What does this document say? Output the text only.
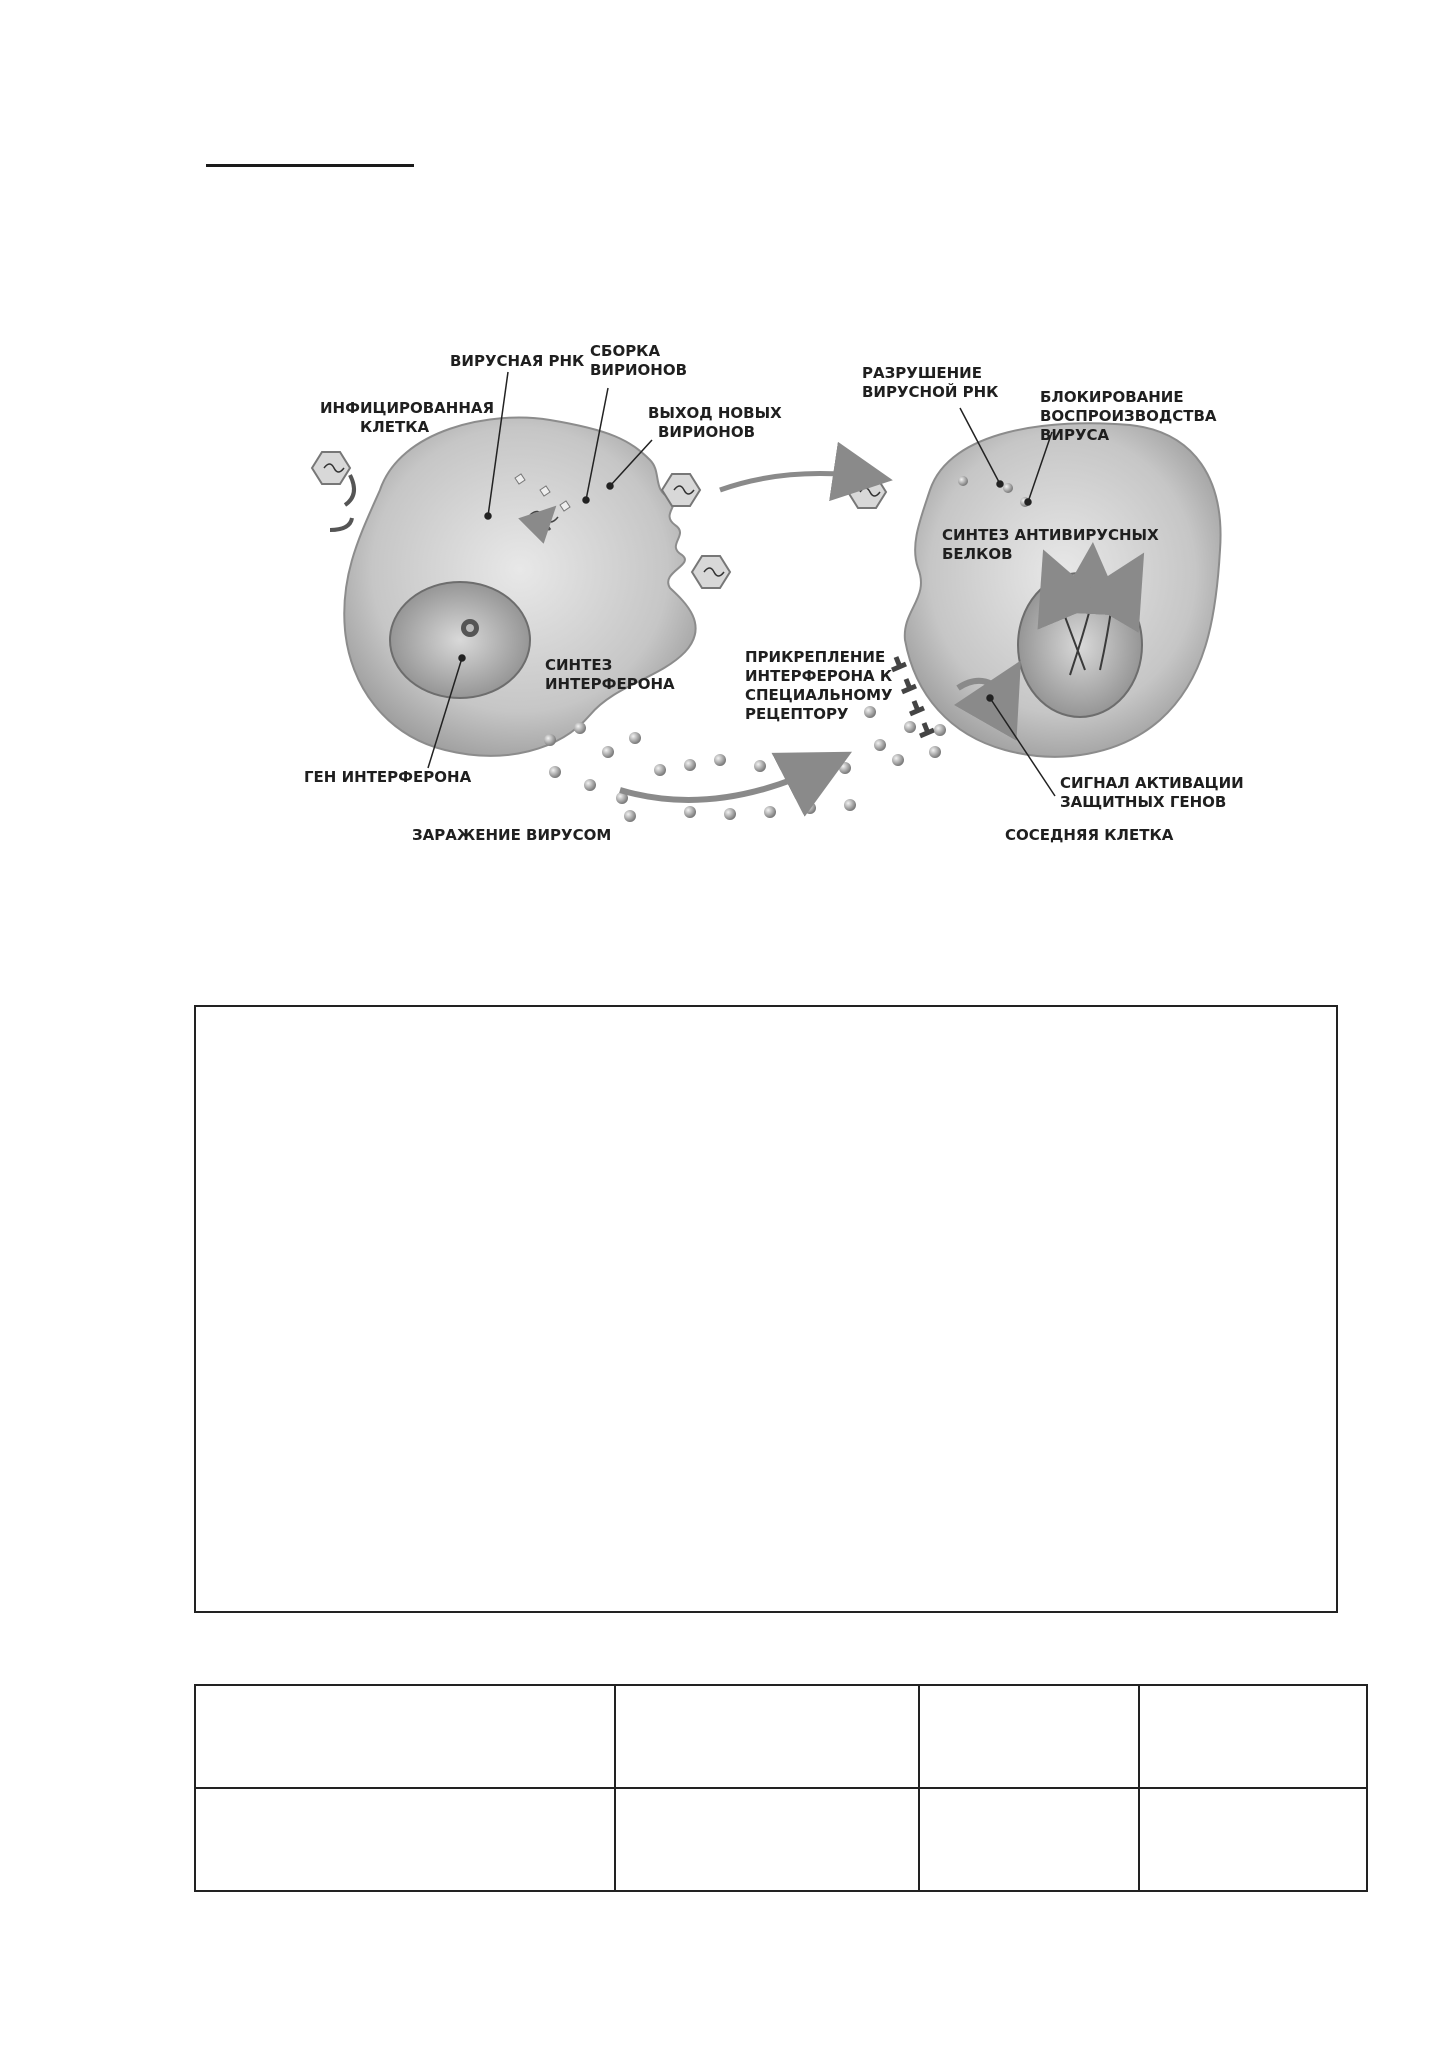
ВИРУСНАЯ РНК
СБОРКА
ВИРИОНОВ
ИНФИЦИРОВАННАЯ
КЛЕТКА
ВЫХОД НОВЫХ
ВИРИОНОВ
РАЗРУШЕНИЕ
ВИРУСНОЙ РНК	БЛОКИРОВАНИЕ
ВОСПРОИЗВОДСТВА
ВИРУСА
СИНТЕЗ АНТИВИРУСНЫХ
БЕЛКОВ
СИНТЕЗ
ИНТЕРФЕРОНА
ПРИКРЕПЛЕНИЕ
ИНТЕРФЕРОНА К
СПЕЦИАЛЬНОМУ
РЕЦЕПТОРУ
ГЕН ИНТЕРФЕРОНА	СИГНАЛ АКТИВАЦИИ
ЗАЩИТНЫХ ГЕНОВ
ЗАРАЖЕНИЕ ВИРУСОМ	СОСЕДНЯЯ КЛЕТКА
